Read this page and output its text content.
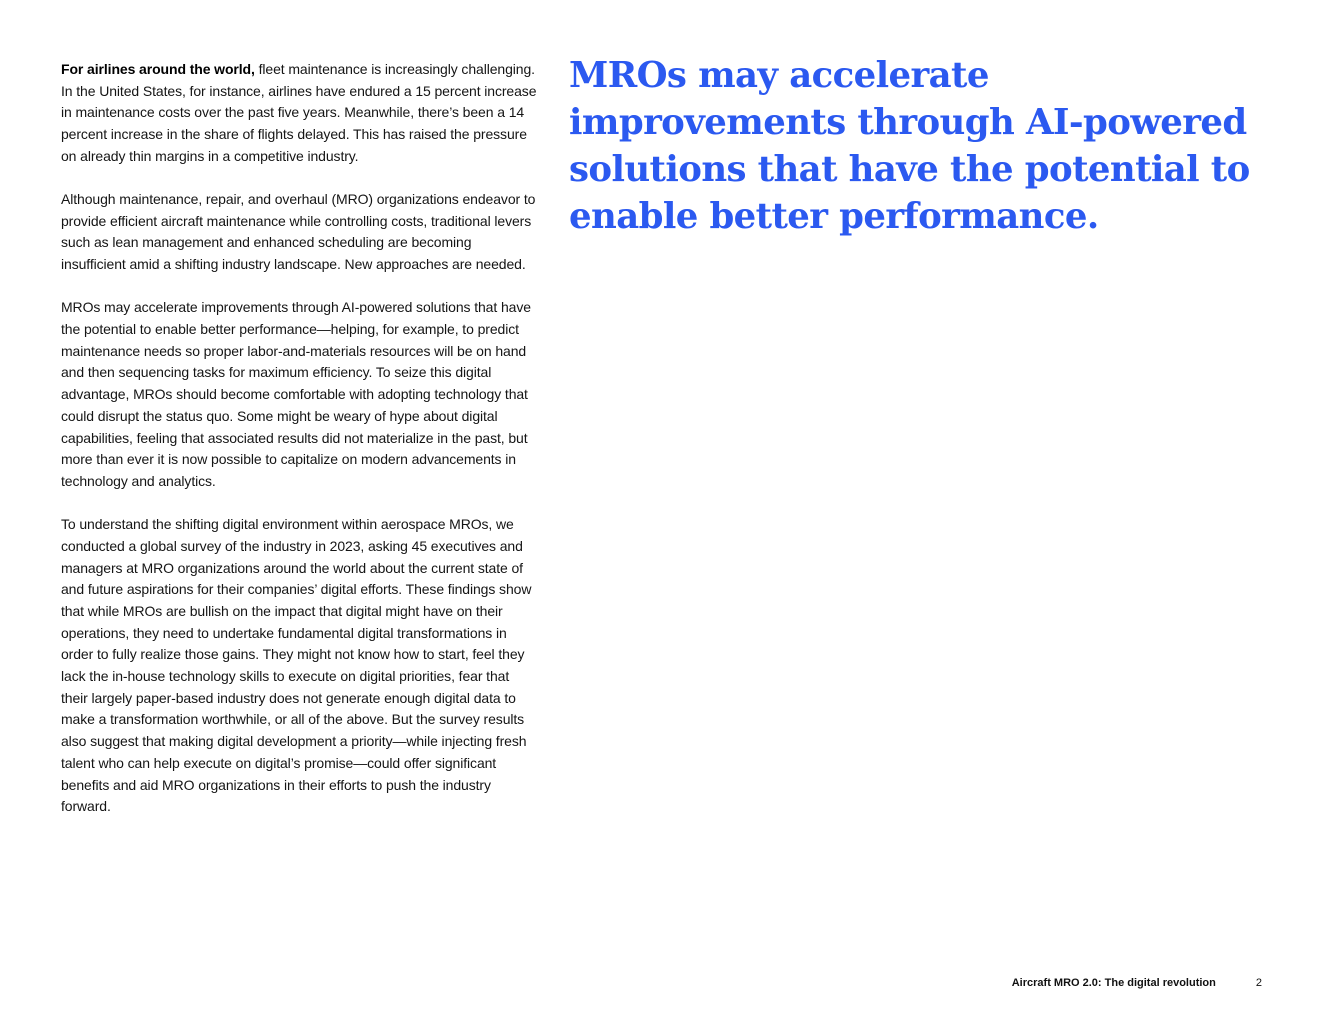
For airlines around the world, fleet maintenance is increasingly challenging. In the United States, for instance, airlines have endured a 15 percent increase in maintenance costs over the past five years. Meanwhile, there’s been a 14 percent increase in the share of flights delayed. This has raised the pressure on already thin margins in a competitive industry.

Although maintenance, repair, and overhaul (MRO) organizations endeavor to provide efficient aircraft maintenance while controlling costs, traditional levers such as lean management and enhanced scheduling are becoming insufficient amid a shifting industry landscape. New approaches are needed.

MROs may accelerate improvements through AI-powered solutions that have the potential to enable better performance—helping, for example, to predict maintenance needs so proper labor-and-materials resources will be on hand and then sequencing tasks for maximum efficiency. To seize this digital advantage, MROs should become comfortable with adopting technology that could disrupt the status quo. Some might be weary of hype about digital capabilities, feeling that associated results did not materialize in the past, but more than ever it is now possible to capitalize on modern advancements in technology and analytics.

To understand the shifting digital environment within aerospace MROs, we conducted a global survey of the industry in 2023, asking 45 executives and managers at MRO organizations around the world about the current state of and future aspirations for their companies’ digital efforts. These findings show that while MROs are bullish on the impact that digital might have on their operations, they need to undertake fundamental digital transformations in order to fully realize those gains. They might not know how to start, feel they lack the in-house technology skills to execute on digital priorities, fear that their largely paper-based industry does not generate enough digital data to make a transformation worthwhile, or all of the above. But the survey results also suggest that making digital development a priority—while injecting fresh talent who can help execute on digital’s promise—could offer significant benefits and aid MRO organizations in their efforts to push the industry forward.

MROs may accelerate improvements through AI-powered solutions that have the potential to enable better performance.
Aircraft MRO 2.0: The digital revolution	2
